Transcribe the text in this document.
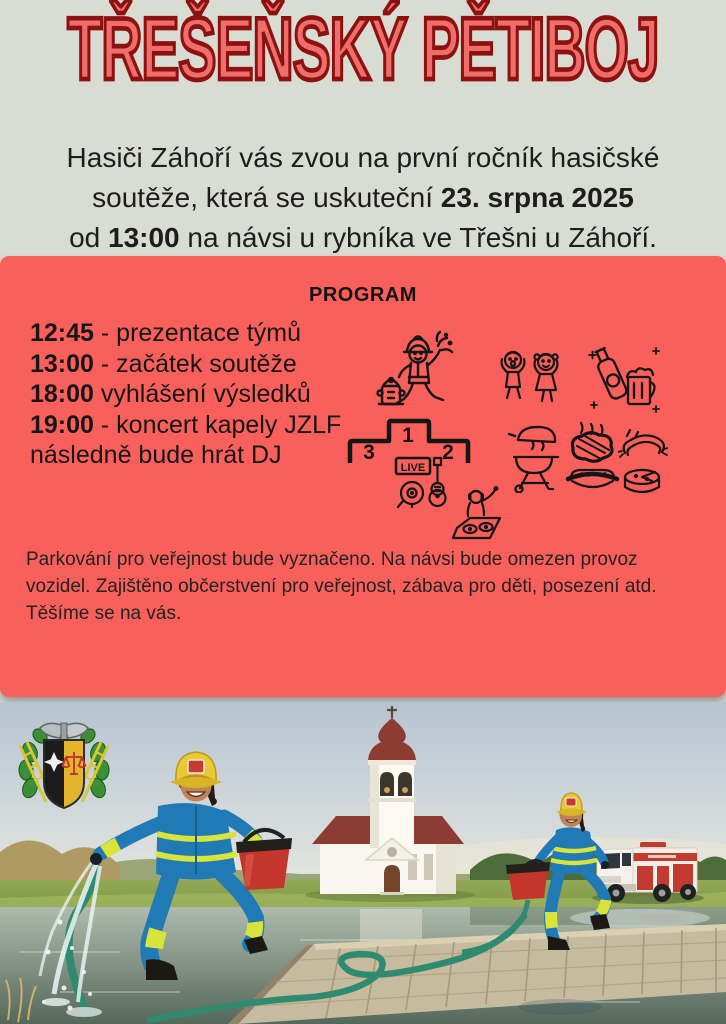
TŘEŠEŇSKÝ PĚTIBOJ

Hasiči Záhoří vás zvou na první ročník hasičské
soutěže, která se uskuteční 23. srpna 2025
od 13:00 na návsi u rybníka ve Třešni u Záhoří.

PROGRAM
12:45 - prezentace týmů
13:00 - začátek soutěže
18:00 vyhlášení výsledků
19:00 - koncert kapely JZLF
následně bude hrát DJ
1
3	2
LIVE

Parkování pro veřejnost bude vyznačeno. Na návsi bude omezen provoz
vozidel. Zajištěno občerstvení pro veřejnost, zábava pro děti, posezení atd.
Těšíme se na vás.
